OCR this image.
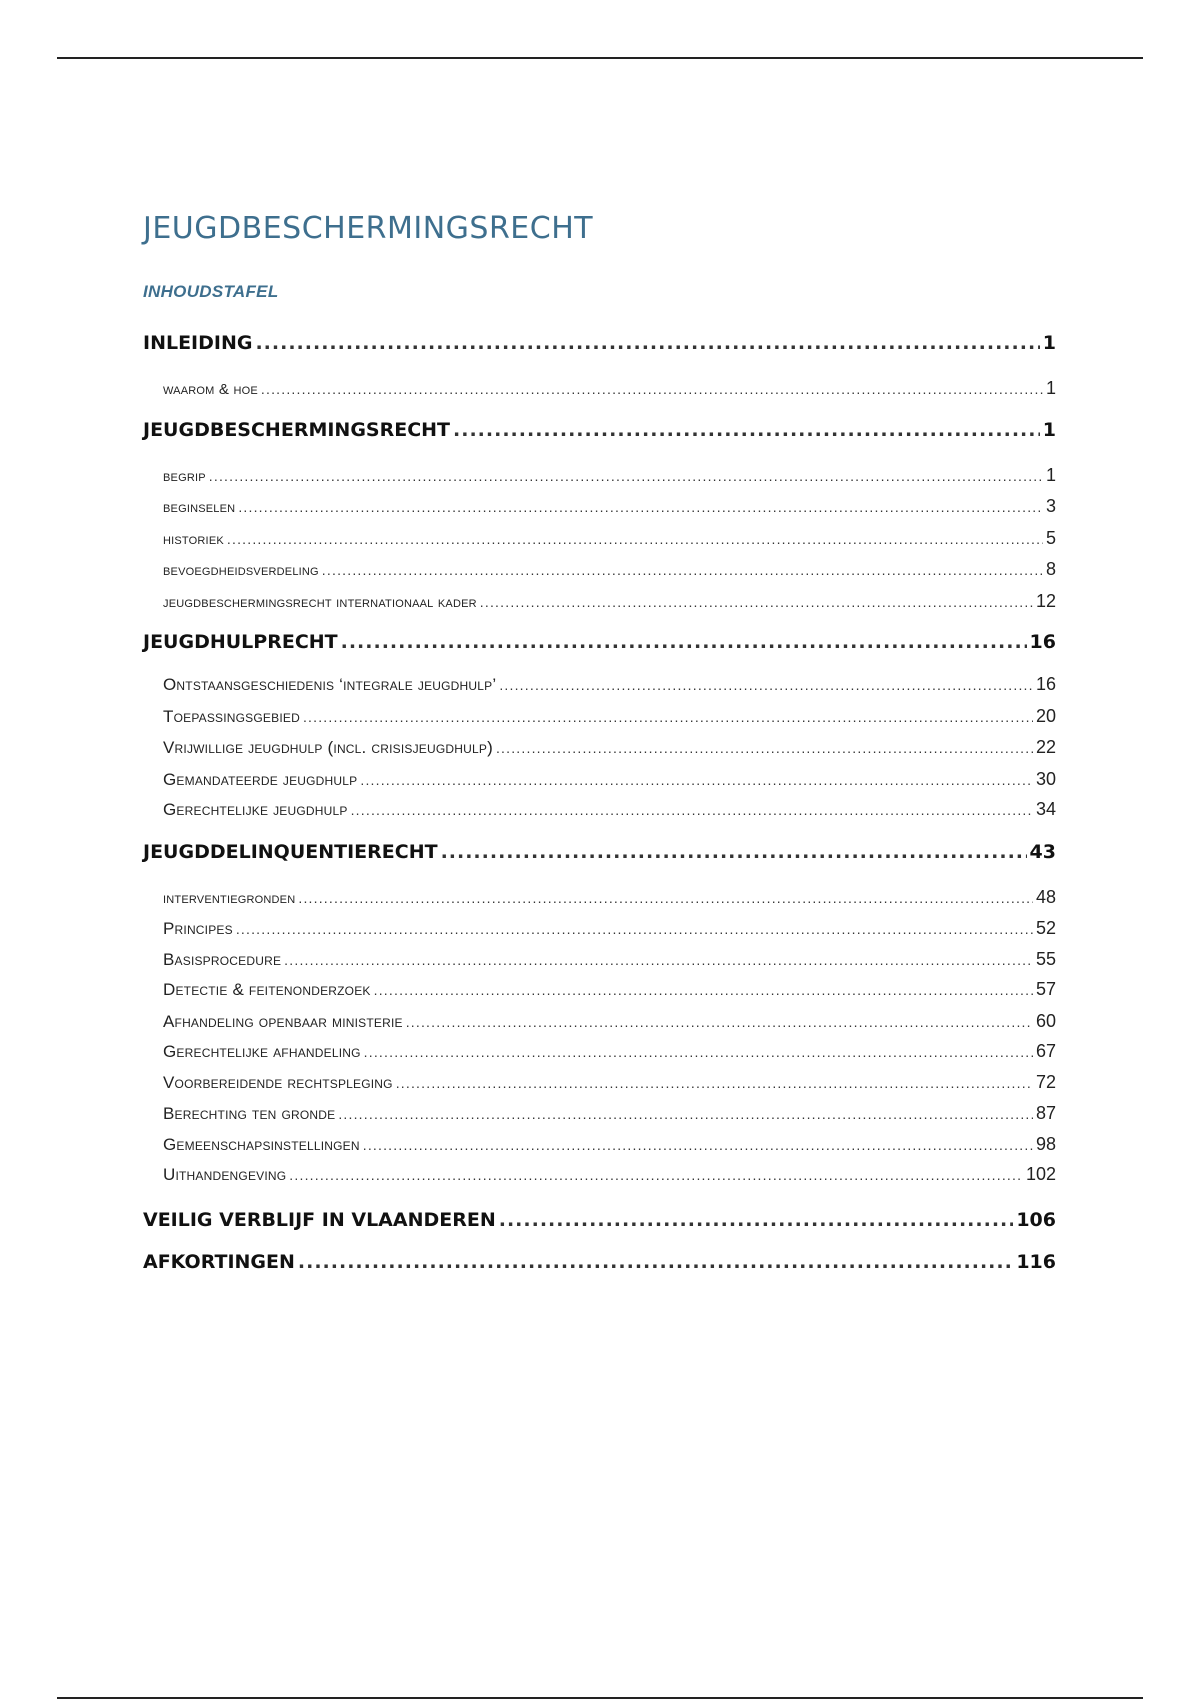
JEUGDBESCHERMINGSRECHT
INHOUDSTAFEL
INLEIDING .....	1
waarom & hoe .....	1
JEUGDBESCHERMINGSRECHT .....	1
begrip .....	1
beginselen .....	3
historiek .....	5
bevoegdheidsverdeling .....	8
jeugdbeschermingsrecht internationaal kader .....	12
JEUGDHULPRECHT .....	16
Ontstaansgeschiedenis ‘integrale jeugdhulp’ .....	16
Toepassingsgebied .....	20
Vrijwillige jeugdhulp (incl. crisisjeugdhulp) .....	22
Gemandateerde jeugdhulp .....	30
Gerechtelijke jeugdhulp .....	34
JEUGDDELINQUENTIERECHT .....	43
interventiegronden .....	48
Principes .....	52
Basisprocedure .....	55
Detectie & feitenonderzoek .....	57
Afhandeling openbaar ministerie .....	60
Gerechtelijke afhandeling .....	67
Voorbereidende rechtspleging .....	72
Berechting ten gronde .....	87
Gemeenschapsinstellingen .....	98
Uithandengeving .....	102
VEILIG VERBLIJF IN VLAANDEREN .....	106
AFKORTINGEN .....	116
